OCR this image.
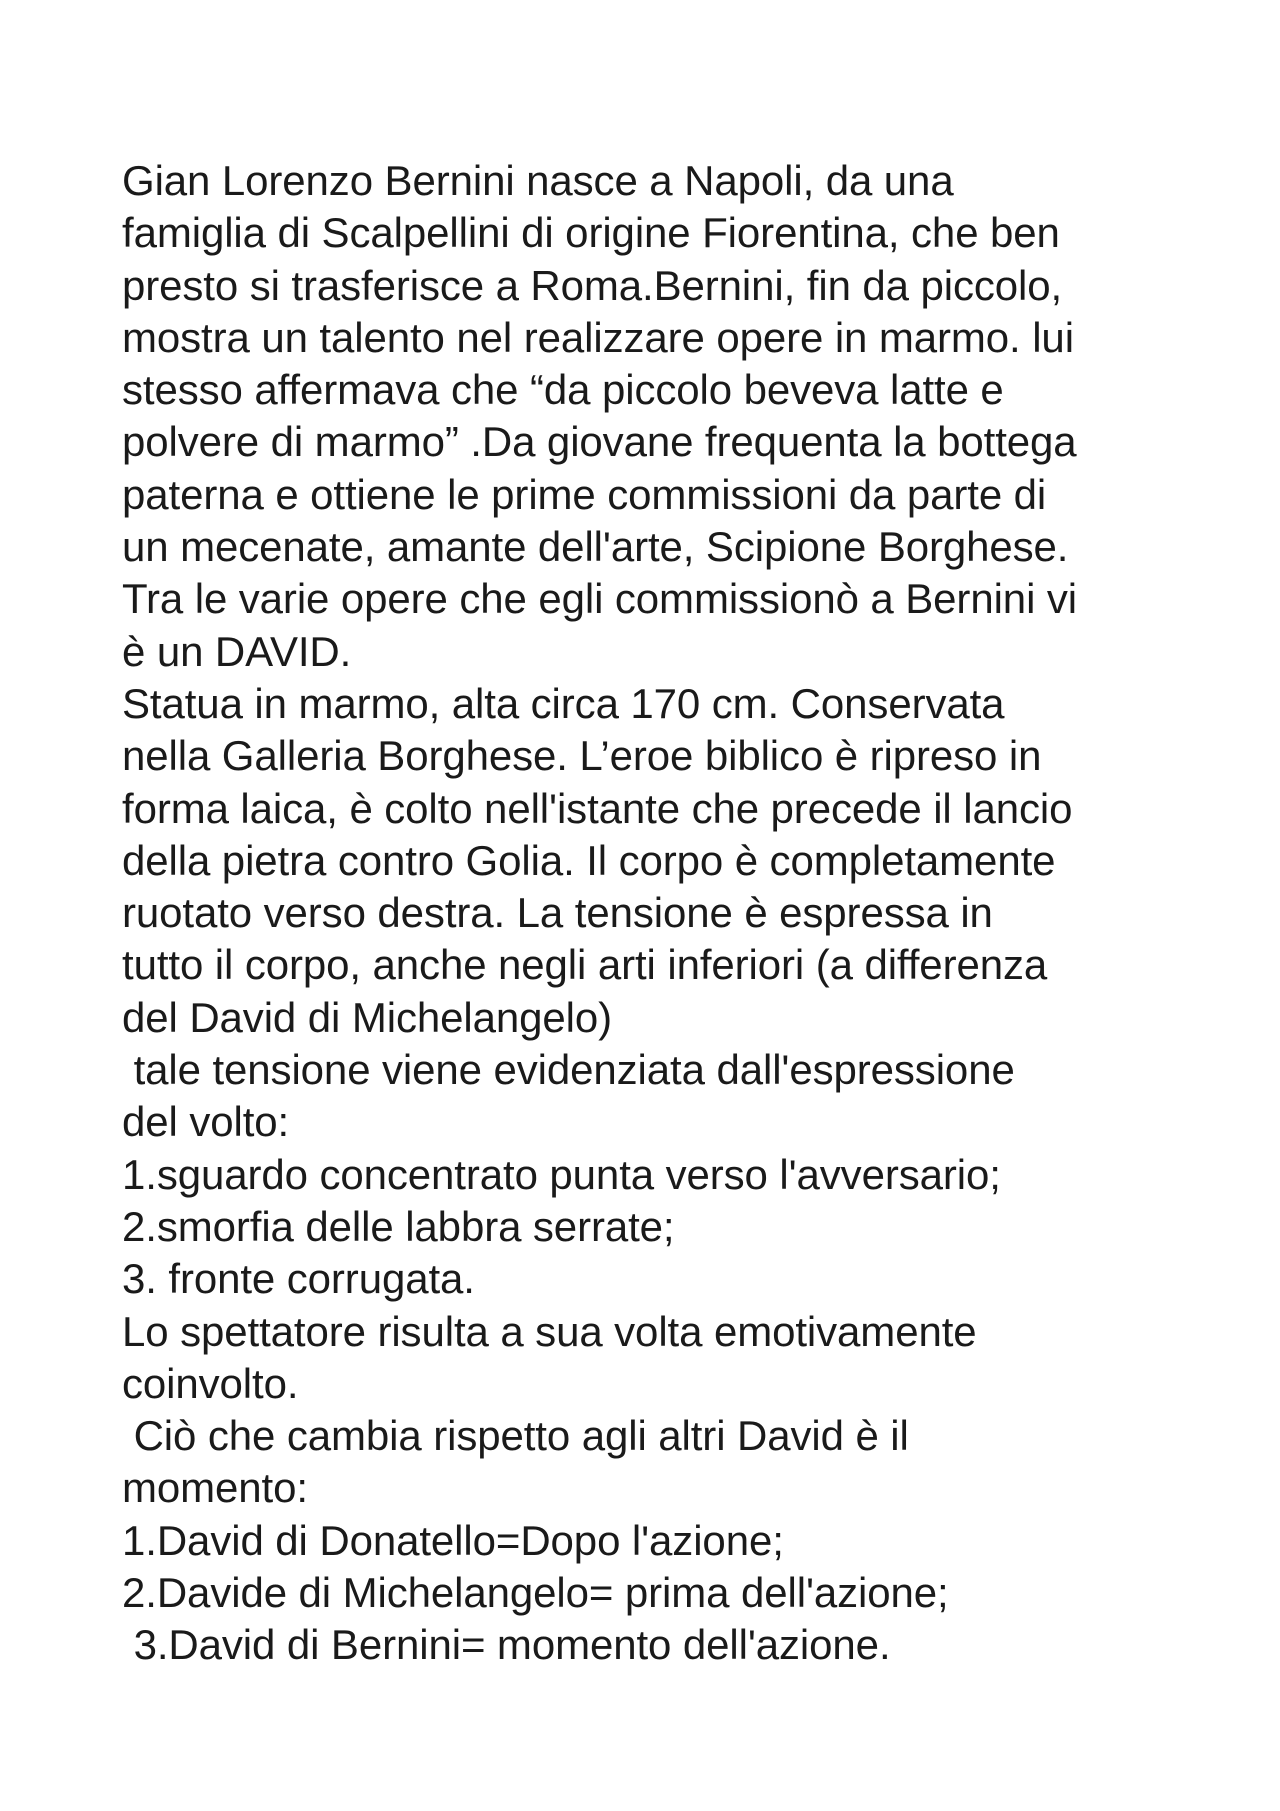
Gian Lorenzo Bernini nasce a Napoli, da una
famiglia di Scalpellini di origine Fiorentina, che ben
presto si trasferisce a Roma.Bernini, fin da piccolo,
mostra un talento nel realizzare opere in marmo. lui
stesso affermava che “da piccolo beveva latte e
polvere di marmo” .Da giovane frequenta la bottega
paterna e ottiene le prime commissioni da parte di
un mecenate, amante dell'arte, Scipione Borghese.
Tra le varie opere che egli commissionò a Bernini vi
è un DAVID.
Statua in marmo, alta circa 170 cm. Conservata
nella Galleria Borghese. L’eroe biblico è ripreso in
forma laica, è colto nell'istante che precede il lancio
della pietra contro Golia. Il corpo è completamente
ruotato verso destra. La tensione è espressa in
tutto il corpo, anche negli arti inferiori (a differenza
del David di Michelangelo)
tale tensione viene evidenziata dall'espressione
del volto:
1.sguardo concentrato punta verso l'avversario;
2.smorfia delle labbra serrate;
3. fronte corrugata.
Lo spettatore risulta a sua volta emotivamente
coinvolto.
Ciò che cambia rispetto agli altri David è il
momento:
1.David di Donatello=Dopo l'azione;
2.Davide di Michelangelo= prima dell'azione;
3.David di Bernini= momento dell'azione.
